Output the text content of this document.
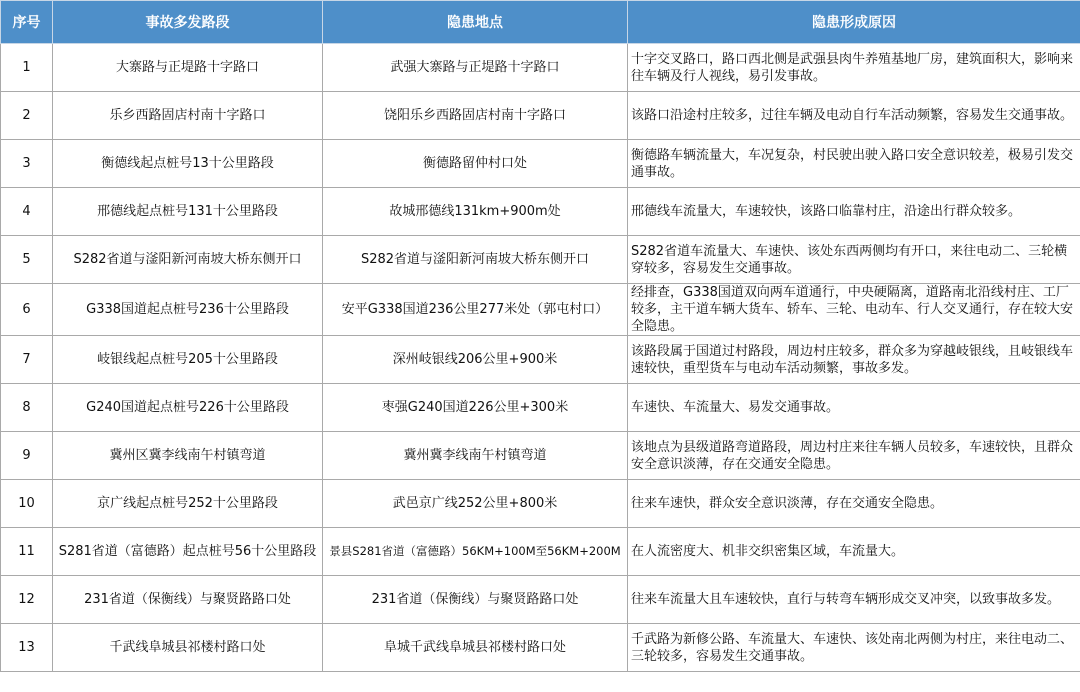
序号	事故多发路段	隐患地点	隐患形成原因
1	大寨路与正堤路十字路口	武强大寨路与正堤路十字路口	十字交叉路口，路口西北侧是武强县肉牛养殖基地厂房，建筑面积大，影响来往车辆及行人视线，易引发事故。
2	乐乡西路固店村南十字路口	饶阳乐乡西路固店村南十字路口	该路口沿途村庄较多，过往车辆及电动自行车活动频繁，容易发生交通事故。
3	衡德线起点桩号13十公里路段	衡德路留仲村口处	衡德路车辆流量大，车况复杂，村民驶出驶入路口安全意识较差，极易引发交通事故。
4	邢德线起点桩号131十公里路段	故城邢德线131km+900m处	邢德线车流量大，车速较快，该路口临靠村庄，沿途出行群众较多。
5	S282省道与滏阳新河南坡大桥东侧开口	S282省道与滏阳新河南坡大桥东侧开口	S282省道车流量大、车速快、该处东西两侧均有开口，来往电动二、三轮横穿较多，容易发生交通事故。
6	G338国道起点桩号236十公里路段	安平G338国道236公里277米处（郭屯村口）	经排查，G338国道双向两车道通行，中央硬隔离，道路南北沿线村庄、工厂较多，主干道车辆大货车、轿车、三轮、电动车、行人交叉通行，存在较大安全隐患。
7	岐银线起点桩号205十公里路段	深州岐银线206公里+900米	该路段属于国道过村路段，周边村庄较多，群众多为穿越岐银线，且岐银线车速较快，重型货车与电动车活动频繁，事故多发。
8	G240国道起点桩号226十公里路段	枣强G240国道226公里+300米	车速快、车流量大、易发交通事故。
9	冀州区冀李线南午村镇弯道	冀州冀李线南午村镇弯道	该地点为县级道路弯道路段，周边村庄来往车辆人员较多，车速较快，且群众安全意识淡薄，存在交通安全隐患。
10	京广线起点桩号252十公里路段	武邑京广线252公里+800米	往来车速快，群众安全意识淡薄，存在交通安全隐患。
11	S281省道（富德路）起点桩号56十公里路段	景县S281省道（富德路）56KM+100M至56KM+200M	在人流密度大、机非交织密集区域，车流量大。
12	231省道（保衡线）与聚贤路路口处	231省道（保衡线）与聚贤路路口处	往来车流量大且车速较快，直行与转弯车辆形成交叉冲突，以致事故多发。
13	千武线阜城县祁楼村路口处	阜城千武线阜城县祁楼村路口处	千武路为新修公路、车流量大、车速快、该处南北两侧为村庄，来往电动二、三轮较多，容易发生交通事故。
